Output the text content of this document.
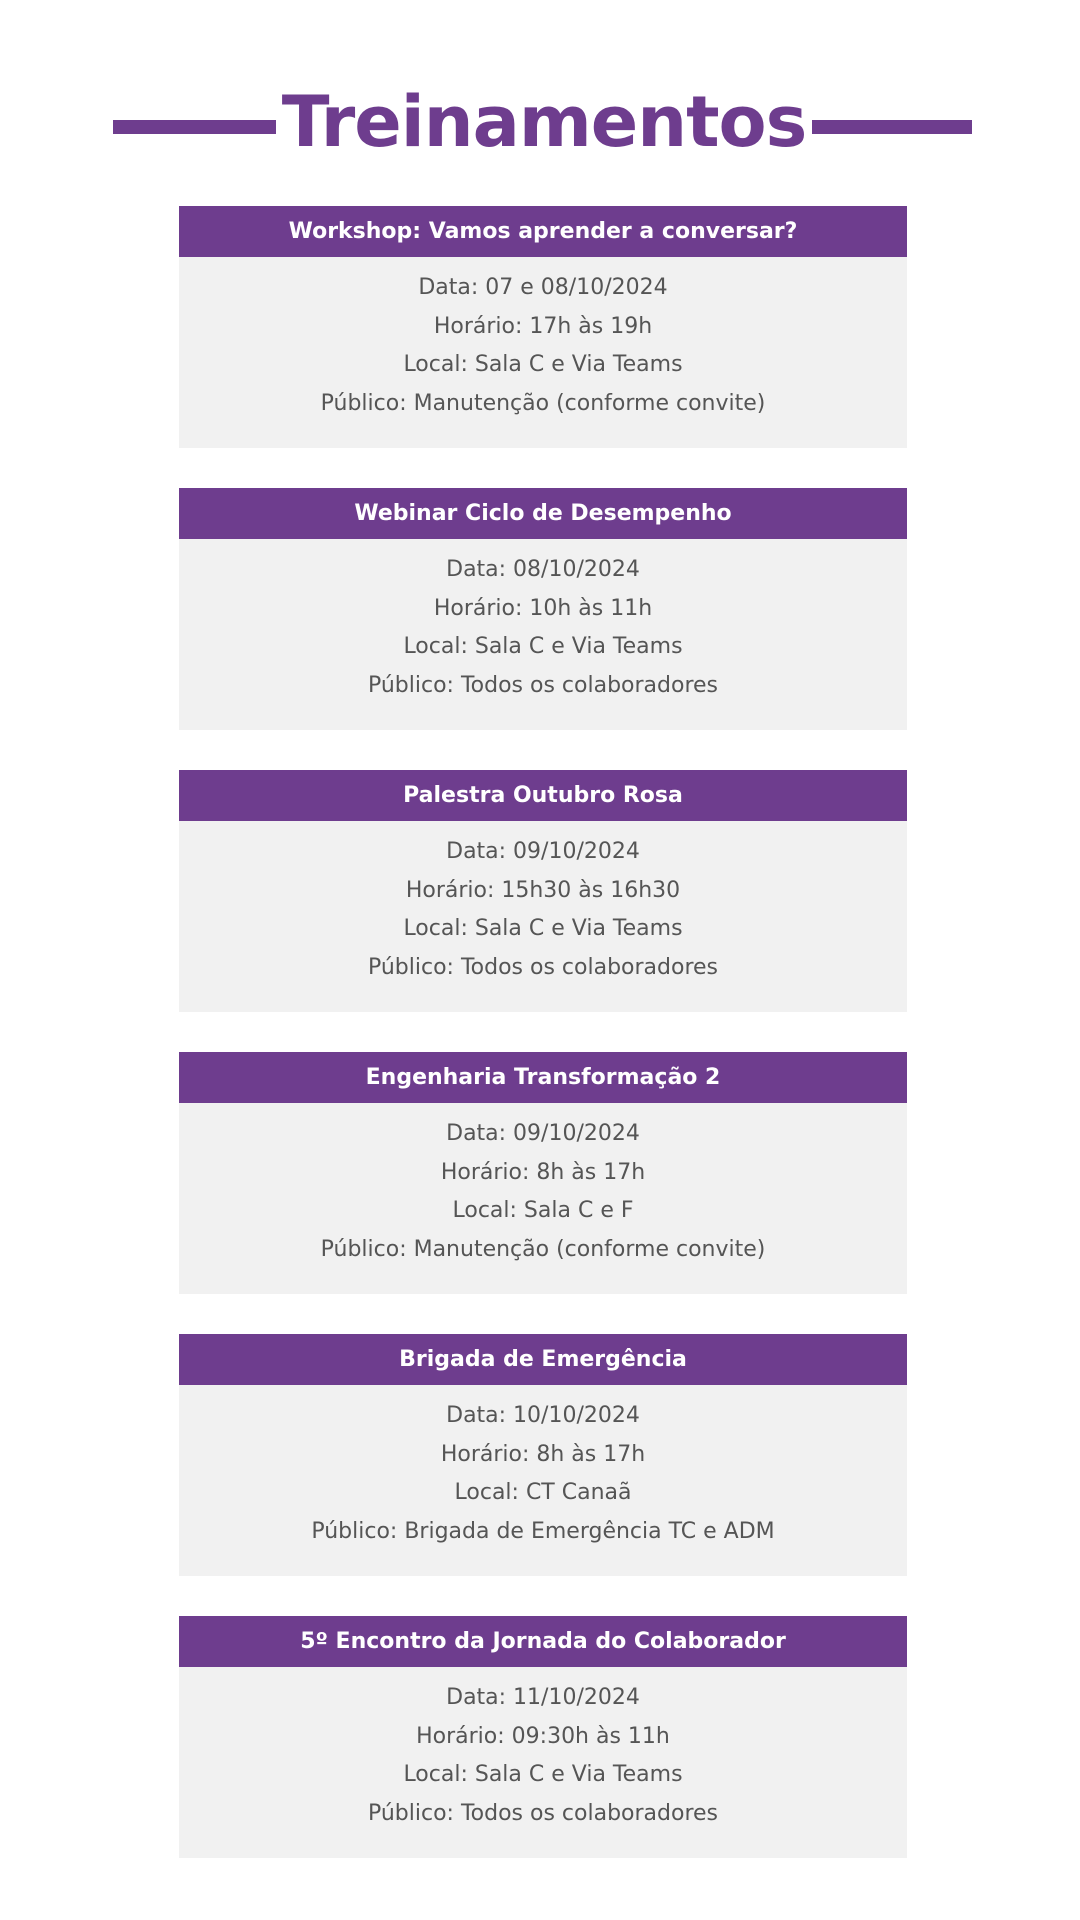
Treinamentos
Workshop: Vamos aprender a conversar?
Data: 07 e 08/10/2024
Horário: 17h às 19h
Local: Sala C e Via Teams
Público: Manutenção (conforme convite)
Webinar Ciclo de Desempenho
Data: 08/10/2024
Horário: 10h às 11h
Local: Sala C e Via Teams
Público: Todos os colaboradores
Palestra Outubro Rosa
Data: 09/10/2024
Horário: 15h30 às 16h30
Local: Sala C e Via Teams
Público: Todos os colaboradores
Engenharia Transformação 2
Data: 09/10/2024
Horário: 8h às 17h
Local: Sala C e F
Público: Manutenção (conforme convite)
Brigada de Emergência
Data: 10/10/2024
Horário: 8h às 17h
Local: CT Canaã
Público: Brigada de Emergência TC e ADM
5º Encontro da Jornada do Colaborador
Data: 11/10/2024
Horário: 09:30h às 11h
Local: Sala C e Via Teams
Público: Todos os colaboradores
